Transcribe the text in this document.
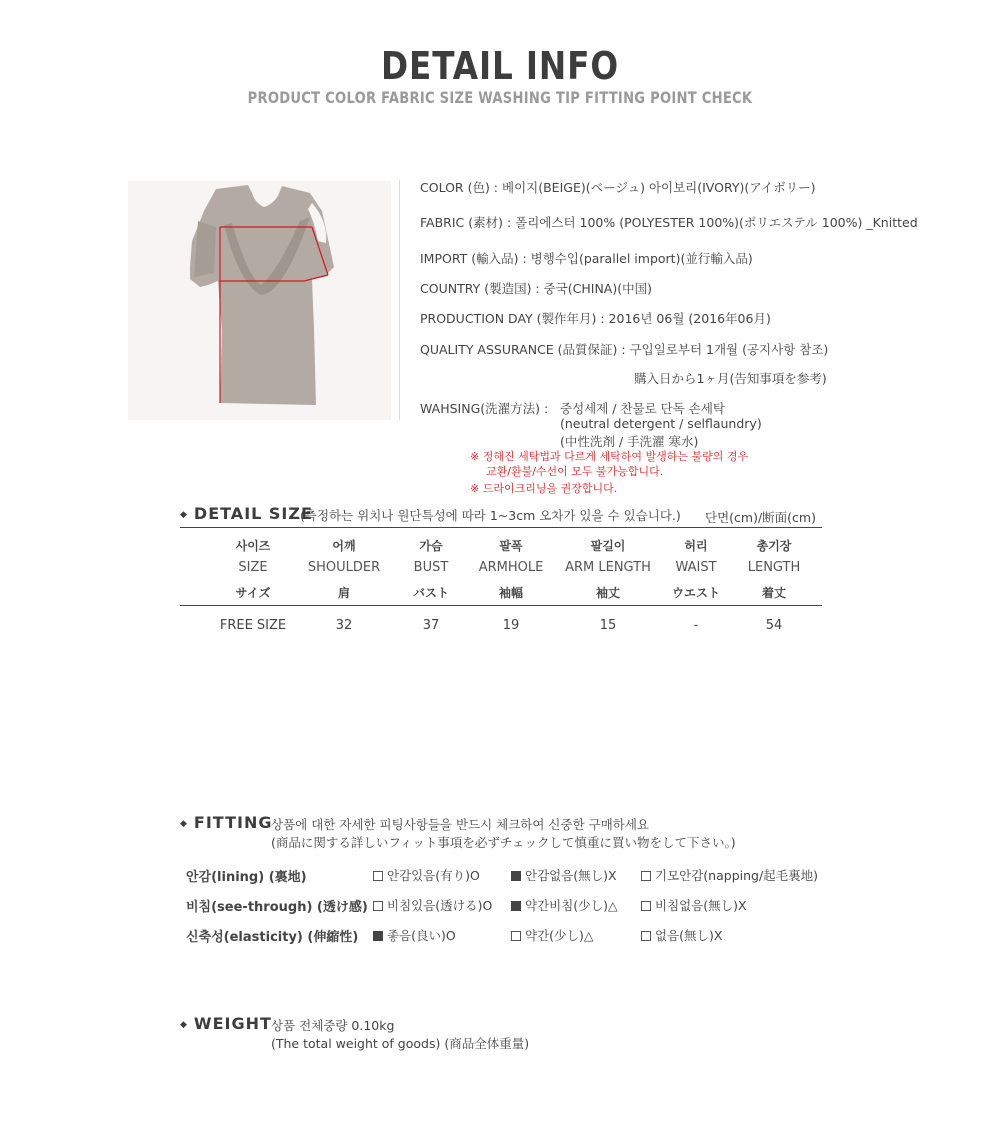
DETAIL INFO
PRODUCT COLOR FABRIC SIZE WASHING TIP FITTING POINT CHECK
COLOR (色) : 베이지(BEIGE)(ベージュ) 아이보리(IVORY)(アイボリー)
FABRIC (素材) : 폴리에스터 100% (POLYESTER 100%)(ポリエステル 100%) _Knitted
IMPORT (輸入品) : 병행수입(parallel import)(並行輸入品)
COUNTRY (製造国) : 중국(CHINA)(中国)
PRODUCTION DAY (製作年月) : 2016년 06월 (2016年06月)
QUALITY ASSURANCE (品質保証) : 구입일로부터 1개월 (공지사항 참조)
購入日から1ヶ月(告知事項を参考)
WAHSING(洗濯方法) : 중성세제 / 찬물로 단독 손세탁
(neutral detergent / selflaundry)
(中性洗剤 / 手洗濯 寒水)
※ 정해진 세탁법과 다르게 세탁하여 발생하는 불량의 경우
교환/환불/수선이 모두 불가능합니다.
※ 드라이크리닝을 권장합니다.
◆ DETAIL SIZE
(측정하는 위치나 원단특성에 따라 1~3cm 오차가 있을 수 있습니다.) 단면(cm)/断面(cm)
사이즈	어깨	가슴	팔폭	팔길이	허리	총기장
SIZE	SHOULDER	BUST	ARMHOLE	ARM LENGTH	WAIST	LENGTH
サイズ	肩	バスト	袖幅	袖丈	ウエスト	着丈
FREE SIZE	32	37	19	15	-	54
◆ FITTING
상품에 대한 자세한 피팅사항들을 반드시 체크하여 신중한 구매하세요
(商品に関する詳しいフィット事項を必ずチェックして慎重に買い物をして下さい。)
안감(lining) (裏地)	안감있음(有り)O	안감없음(無し)X	기모안감(napping/起毛裏地)
비침(see-through) (透け感)	비침있음(透ける)O	약간비침(少し)△	비침없음(無し)X
신축성(elasticity) (伸縮性)	좋음(良い)O	약간(少し)△	없음(無し)X
◆ WEIGHT 상품 전체중량 0.10kg
(The total weight of goods) (商品全体重量)
